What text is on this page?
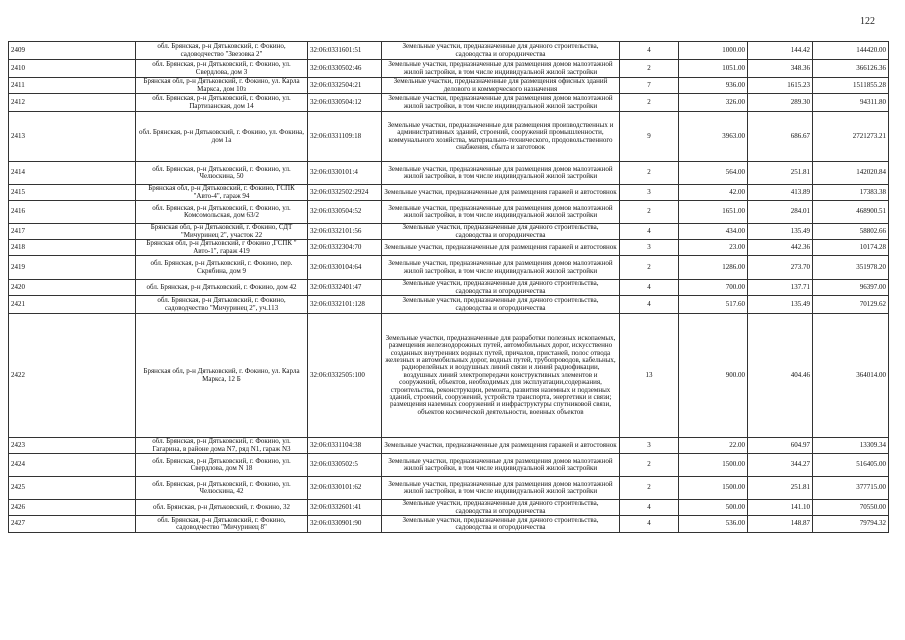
122
2409	обл. Брянская, р-н Дятьковский, г. Фокино, садоводчество "Звезовка 2"	32:06:0331601:51	Земельные участки, предназначенные для дачного строительства, садоводства и огородничества	4	1000.00	144.42	144420.00
2410	обл. Брянская, р-н Дятьковский, г. Фокино, ул. Свердлова, дом 3	32:06:0330502:46	Земельные участки, предназначенные для размещения домов малоэтажной жилой застройки, в том числе индивидуальной жилой застройки	2	1051.00	348.36	366126.36
2411	Брянская обл, р-н Дятьковский, г. Фокино, ул. Карла Маркса, дом 10з	32:06:0332504:21	Земельные участки, предназначенные для размещения офисных зданий делового и коммерческого назначения	7	936.00	1615.23	1511855.28
2412	обл. Брянская, р-н Дятьковский, г. Фокино, ул. Партизанская, дом 14	32:06:0330504:12	Земельные участки, предназначенные для размещения домов малоэтажной жилой застройки, в том числе индивидуальной жилой застройки	2	326.00	289.30	94311.80
2413	обл. Брянская, р-н Дятьковский, г. Фокино, ул. Фокина, дом 1а	32:06:0331109:18	Земельные участки, предназначенные для размещения производственных и административных зданий, строений, сооружений промышленности, коммунального хозяйства, материально-технического, продовольственного снабжения, сбыта и заготовок	9	3963.00	686.67	2721273.21
2414	обл. Брянская, р-н Дятьковский, г. Фокино, ул. Челюскина, 50	32:06:0330101:4	Земельные участки, предназначенные для размещения домов малоэтажной жилой застройки, в том числе индивидуальной жилой застройки	2	564.00	251.81	142020.84
2415	Брянская обл, р-н Дятьковский, г. Фокино, ГСПК "Авто-4", гараж 94	32:06:0332502:2924	Земельные участки, предназначенные для размещения гаражей и автостоянок	3	42.00	413.89	17383.38
2416	обл. Брянская, р-н Дятьковский, г. Фокино, ул. Комсомольская, дом 63/2	32:06:0330504:52	Земельные участки, предназначенные для размещения домов малоэтажной жилой застройки, в том числе индивидуальной жилой застройки	2	1651.00	284.01	468900.51
2417	Брянская обл, р-н Дятьковский, г. Фокино, СДТ "Мичуринец 2", участок 22	32:06:0332101:56	Земельные участки, предназначенные для дачного строительства, садоводства и огородничества	4	434.00	135.49	58802.66
2418	Брянская обл, р-н Дятьковский, г Фокино ,ГСПК " Авто-1", гараж 419	32:06:0332304:70	Земельные участки, предназначенные для размещения гаражей и автостоянок	3	23.00	442.36	10174.28
2419	обл. Брянская, р-н Дятьковский, г. Фокино, пер. Скрябина, дом 9	32:06:0330104:64	Земельные участки, предназначенные для размещения домов малоэтажной жилой застройки, в том числе индивидуальной жилой застройки	2	1286.00	273.70	351978.20
2420	обл. Брянская, р-н Дятьковский, г. Фокино, дом 42	32:06:0332401:47	Земельные участки, предназначенные для дачного строительства, садоводства и огородничества	4	700.00	137.71	96397.00
2421	обл. Брянская, р-н Дятьковский, г. Фокино, садоводчество "Мичуринец 2", уч.113	32:06:0332101:128	Земельные участки, предназначенные для дачного строительства, садоводства и огородничества	4	517.60	135.49	70129.62
2422	Брянская обл, р-н Дятьковский, г. Фокино, ул. Карла Маркса, 12 Б	32:06:0332505:100	Земельные участки, предназначенные для разработки полезных ископаемых, размещения железнодорожных путей, автомобильных дорог, искусственно созданных внутренних водных путей, причалов, пристаней, полос отвода железных и автомобильных дорог, водных путей, трубопроводов, кабельных, радиорелейных и воздушных линий связи и линий радиофикации, воздушных линий электропередачи конструктивных элементов и сооружений, объектов, необходимых для эксплуатации,содержания, строительства, реконструкции, ремонта, развития наземных и подземных зданий, строений, сооружений, устройств транспорта, энергетики и связи; размещения наземных сооружений и инфраструктуры спутниковой связи, объектов космической деятельности, военных объектов	13	900.00	404.46	364014.00
2423	обл. Брянская, р-н Дятьковский, г. Фокино, ул. Гагарина, в районе дома N7, ряд N1, гараж N3	32:06:0331104:38	Земельные участки, предназначенные для размещения гаражей и автостоянок	3	22.00	604.97	13309.34
2424	обл. Брянская, р-н Дятьковский, г. Фокино, ул. Свердлова, дом N 18	32:06:0330502:5	Земельные участки, предназначенные для размещения домов малоэтажной жилой застройки, в том числе индивидуальной жилой застройки	2	1500.00	344.27	516405.00
2425	обл. Брянская, р-н Дятьковский, г. Фокино, ул. Челюскина, 42	32:06:0330101:62	Земельные участки, предназначенные для размещения домов малоэтажной жилой застройки, в том числе индивидуальной жилой застройки	2	1500.00	251.81	377715.00
2426	обл. Брянская, р-н Дятьковский, г. Фокино, 32	32:06:0332601:41	Земельные участки, предназначенные для дачного строительства, садоводства и огородничества	4	500.00	141.10	70550.00
2427	обл. Брянская, р-н Дятьковский, г. Фокино, садоводчество "Мичуринец 8"	32:06:0330901:90	Земельные участки, предназначенные для дачного строительства, садоводства и огородничества	4	536.00	148.87	79794.32
